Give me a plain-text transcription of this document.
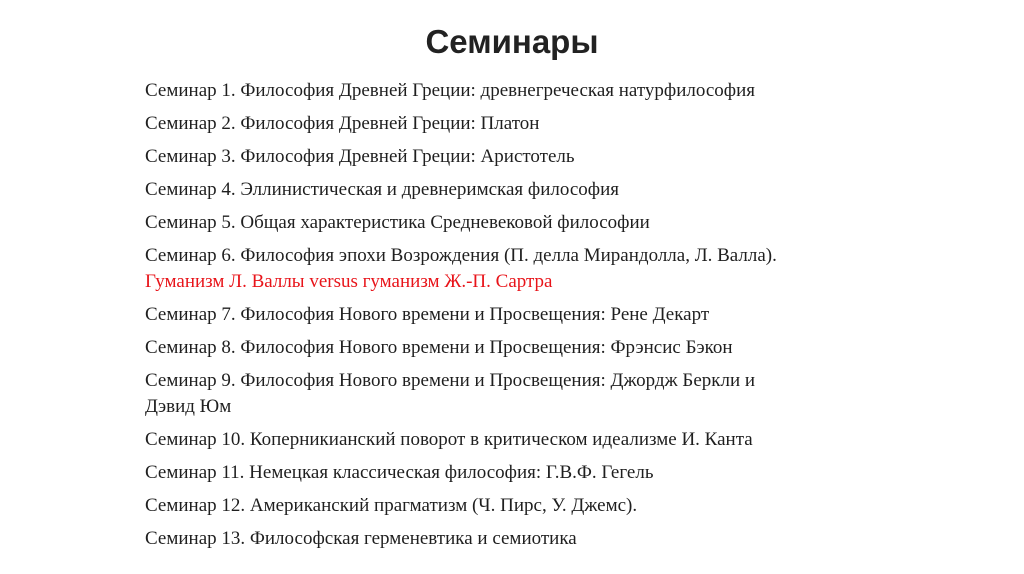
Семинары
Семинар 1. Философия Древней Греции: древнегреческая натурфилософия
Семинар 2. Философия Древней Греции: Платон
Семинар 3. Философия Древней Греции: Аристотель
Семинар 4. Эллинистическая и древнеримская философия
Семинар 5. Общая характеристика Средневековой философии
Семинар 6. Философия эпохи Возрождения (П. делла Мирандолла, Л. Валла).
Гуманизм Л. Валлы versus гуманизм Ж.-П. Сартра
Семинар 7. Философия Нового времени и Просвещения: Рене Декарт
Семинар 8. Философия Нового времени и Просвещения: Фрэнсис Бэкон
Семинар 9. Философия Нового времени и Просвещения: Джордж Беркли и
Дэвид Юм
Семинар 10. Коперникианский поворот в критическом идеализме И. Канта
Семинар 11. Немецкая классическая философия: Г.В.Ф. Гегель
Семинар 12. Американский прагматизм (Ч. Пирс, У. Джемс).
Семинар 13. Философская герменевтика и семиотика
